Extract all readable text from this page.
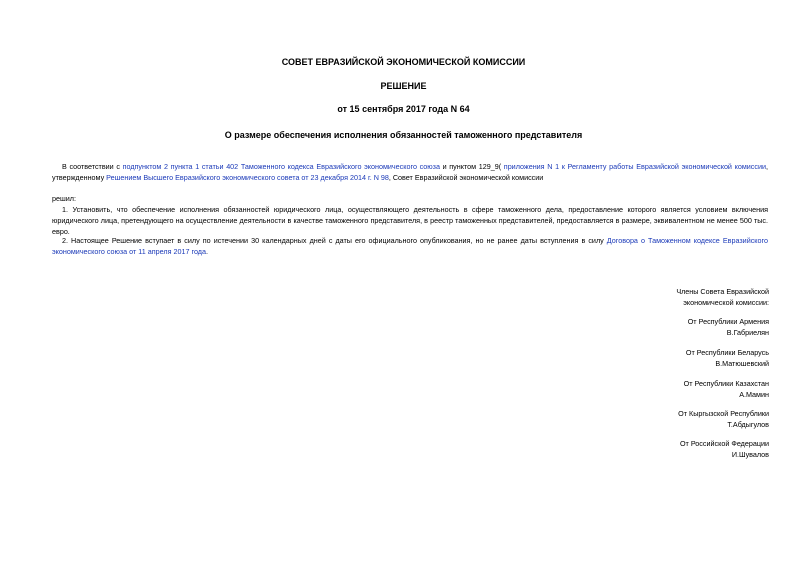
СОВЕТ ЕВРАЗИЙСКОЙ ЭКОНОМИЧЕСКОЙ КОМИССИИ
РЕШЕНИЕ
от 15 сентября 2017 года N 64
О размере обеспечения исполнения обязанностей таможенного представителя
В соответствии с подпунктом 2 пункта 1 статьи 402 Таможенного кодекса Евразийского экономического союза и пунктом 129_9( приложения N 1 к Регламенту работы Евразийской экономической комиссии, утвержденному Решением Высшего Евразийского экономического совета от 23 декабря 2014 г. N 98, Совет Евразийской экономической комиссии
решил:
1. Установить, что обеспечение исполнения обязанностей юридического лица, осуществляющего деятельность в сфере таможенного дела, предоставление которого является условием включения юридического лица, претендующего на осуществление деятельности в качестве таможенного представителя, в реестр таможенных представителей, предоставляется в размере, эквивалентном не менее 500 тыс. евро.
2. Настоящее Решение вступает в силу по истечении 30 календарных дней с даты его официального опубликования, но не ранее даты вступления в силу Договора о Таможенном кодексе Евразийского экономического союза от 11 апреля 2017 года.
Члены Совета Евразийской
экономической комиссии:
От Республики Армения
В.Габриелян
От Республики Беларусь
В.Матюшевский
От Республики Казахстан
А.Мамин
От Кыргызской Республики
Т.Абдыгулов
От Российской Федерации
И.Шувалов
